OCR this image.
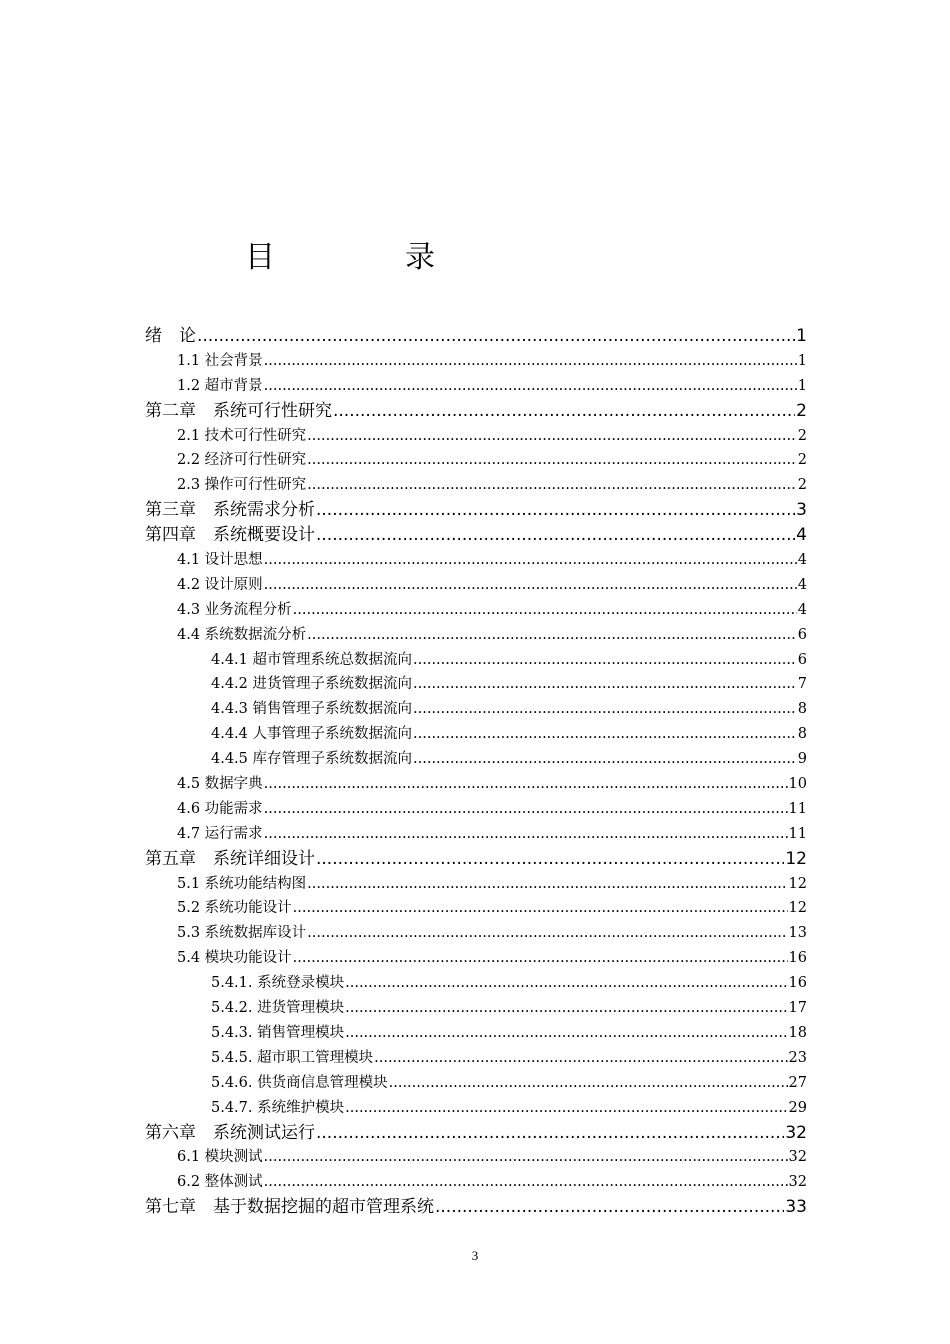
目　录
绪　论 .....	1
1.1 社会背景 .....	1
1.2 超市背景 .....	1
第二章　系统可行性研究 .....	2
2.1 技术可行性研究 .....	2
2.2 经济可行性研究 .....	2
2.3 操作可行性研究 .....	2
第三章　系统需求分析 .....	3
第四章　系统概要设计 .....	4
4.1 设计思想 .....	4
4.2 设计原则 .....	4
4.3 业务流程分析 .....	4
4.4 系统数据流分析 .....	6
4.4.1 超市管理系统总数据流向 .....	6
4.4.2 进货管理子系统数据流向 .....	7
4.4.3 销售管理子系统数据流向 .....	8
4.4.4 人事管理子系统数据流向 .....	8
4.4.5 库存管理子系统数据流向 .....	9
4.5 数据字典 .....	10
4.6 功能需求 .....	11
4.7 运行需求 .....	11
第五章　系统详细设计 .....	12
5.1 系统功能结构图 .....	12
5.2 系统功能设计 .....	12
5.3 系统数据库设计 .....	13
5.4 模块功能设计 .....	16
5.4.1. 系统登录模块 .....	16
5.4.2. 进货管理模块 .....	17
5.4.3. 销售管理模块 .....	18
5.4.5. 超市职工管理模块 .....	23
5.4.6. 供货商信息管理模块 .....	27
5.4.7. 系统维护模块 .....	29
第六章　系统测试运行 .....	32
6.1 模块测试 .....	32
6.2 整体测试 .....	32
第七章　基于数据挖掘的超市管理系统 .....	33
3
